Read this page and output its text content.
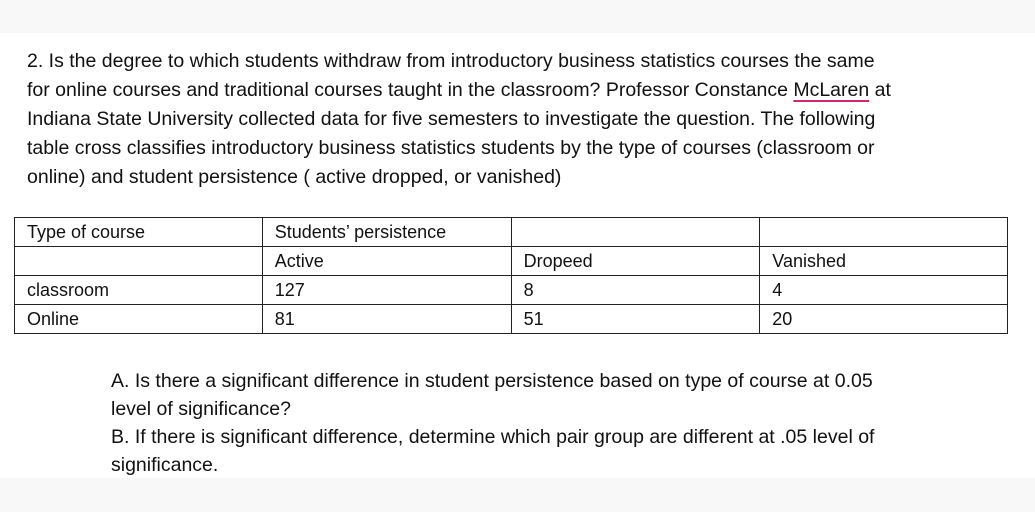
2. Is the degree to which students withdraw from introductory business statistics courses the same
for online courses and traditional courses taught in the classroom? Professor Constance McLaren at
Indiana State University collected data for five semesters to investigate the question. The following
table cross classifies introductory business statistics students by the type of courses (classroom or
online) and student persistence ( active dropped, or vanished)
Type of course	Students’ persistence		
	Active	Dropeed	Vanished
classroom	127	8	4
Online	81	51	20
A. Is there a significant difference in student persistence based on type of course at 0.05
level of significance?
B. If there is significant difference, determine which pair group are different at .05 level of
significance.
